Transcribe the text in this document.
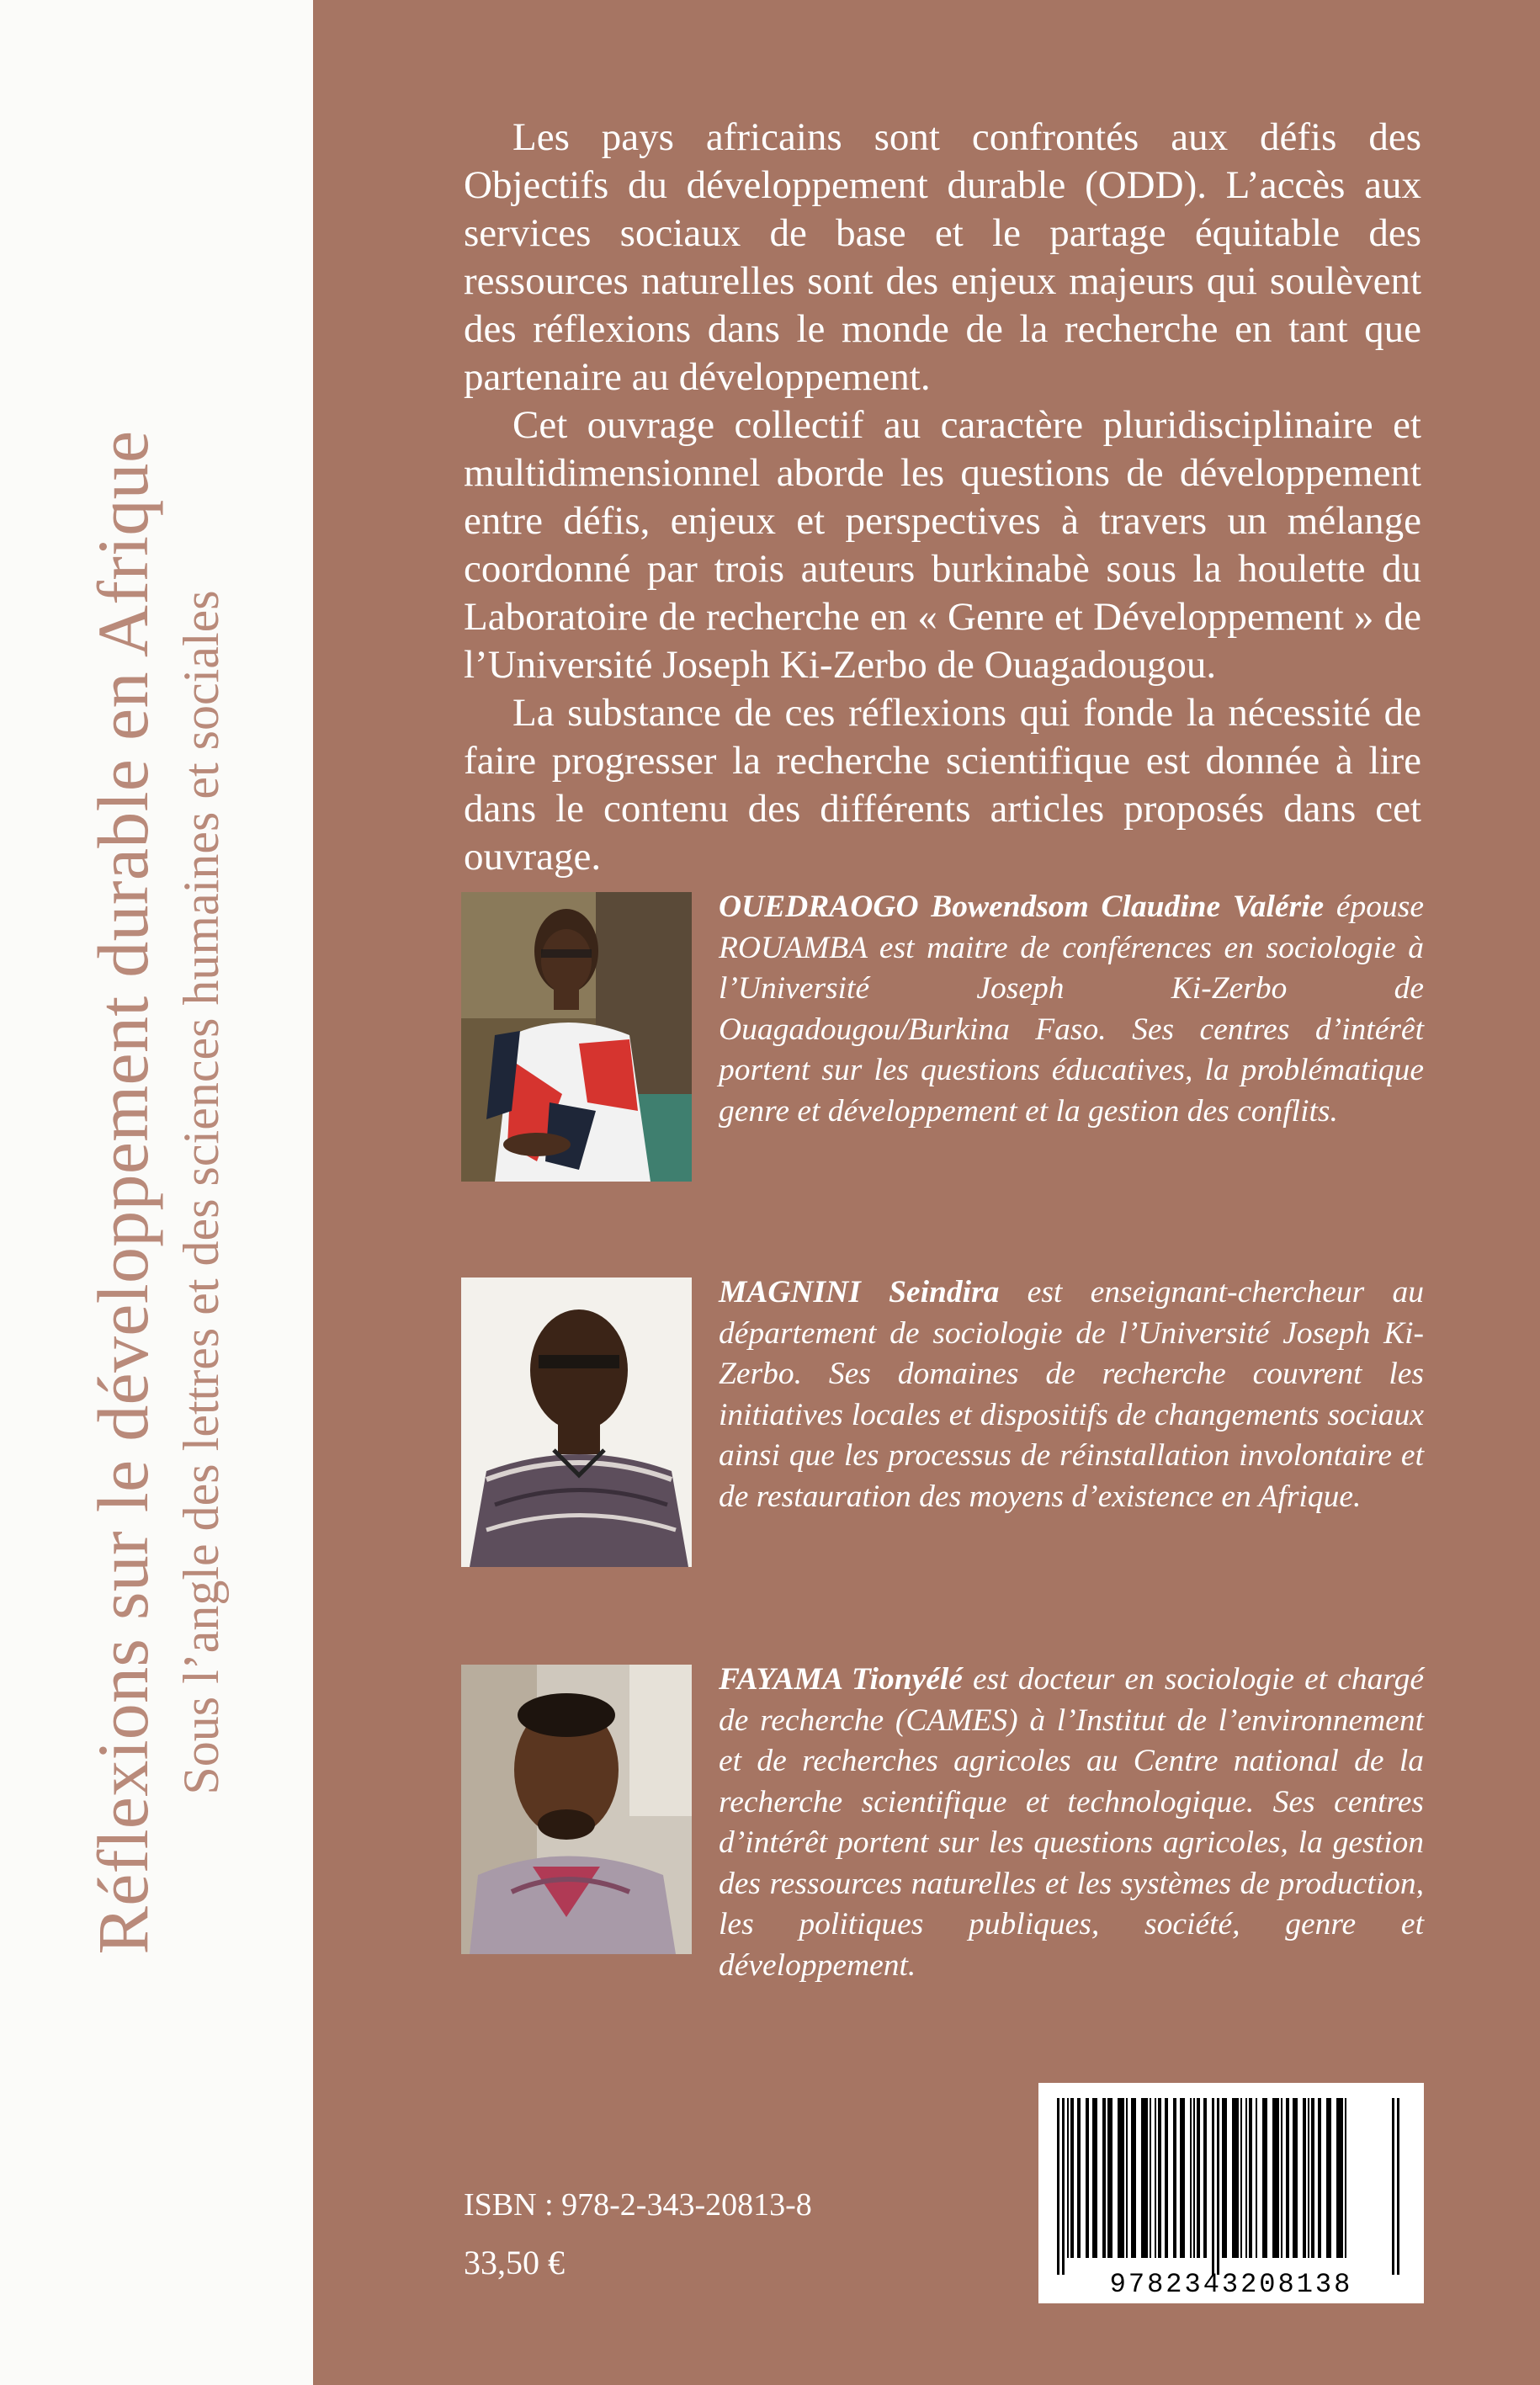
Réflexions sur le développement durable en Afrique Sous l’angle des lettres et des sciences humaines et sociales

Les pays africains sont confrontés aux défis des Objectifs du développement durable (ODD). L’accès aux services sociaux de base et le partage équitable des ressources naturelles sont des enjeux majeurs qui soulèvent des réflexions dans le monde de la recherche en tant que partenaire au développement.

Cet ouvrage collectif au caractère pluridisciplinaire et multidimensionnel aborde les questions de développement entre défis, enjeux et perspectives à travers un mélange coordonné par trois auteurs burkinabè sous la houlette du Laboratoire de recherche en « Genre et Développement » de l’Université Joseph Ki-Zerbo de Ouagadougou.

La substance de ces réflexions qui fonde la nécessité de faire progresser la recherche scientifique est donnée à lire dans le contenu des différents articles proposés dans cet ouvrage.

OUEDRAOGO Bowendsom Claudine Valérie épouse ROUAMBA est maitre de conférences en sociologie à l’Université Joseph Ki-Zerbo de Ouagadougou/Burkina Faso. Ses centres d’intérêt portent sur les questions éducatives, la problématique genre et développement et la gestion des conflits.
MAGNINI Seindira est enseignant-chercheur au département de sociologie de l’Université Joseph Ki-Zerbo. Ses domaines de recherche couvrent les initiatives locales et dispositifs de changements sociaux ainsi que les processus de réinstallation involontaire et de restauration des moyens d’existence en Afrique.
FAYAMA Tionyélé est docteur en sociologie et chargé de recherche (CAMES) à l’Institut de l’environnement et de recherches agricoles au Centre national de la recherche scientifique et technologique. Ses centres d’intérêt portent sur les questions agricoles, la gestion des ressources naturelles et les systèmes de production, les politiques publiques, société, genre et développement.
ISBN : 978-2-343-20813-8
33,50 €
9782343208138
